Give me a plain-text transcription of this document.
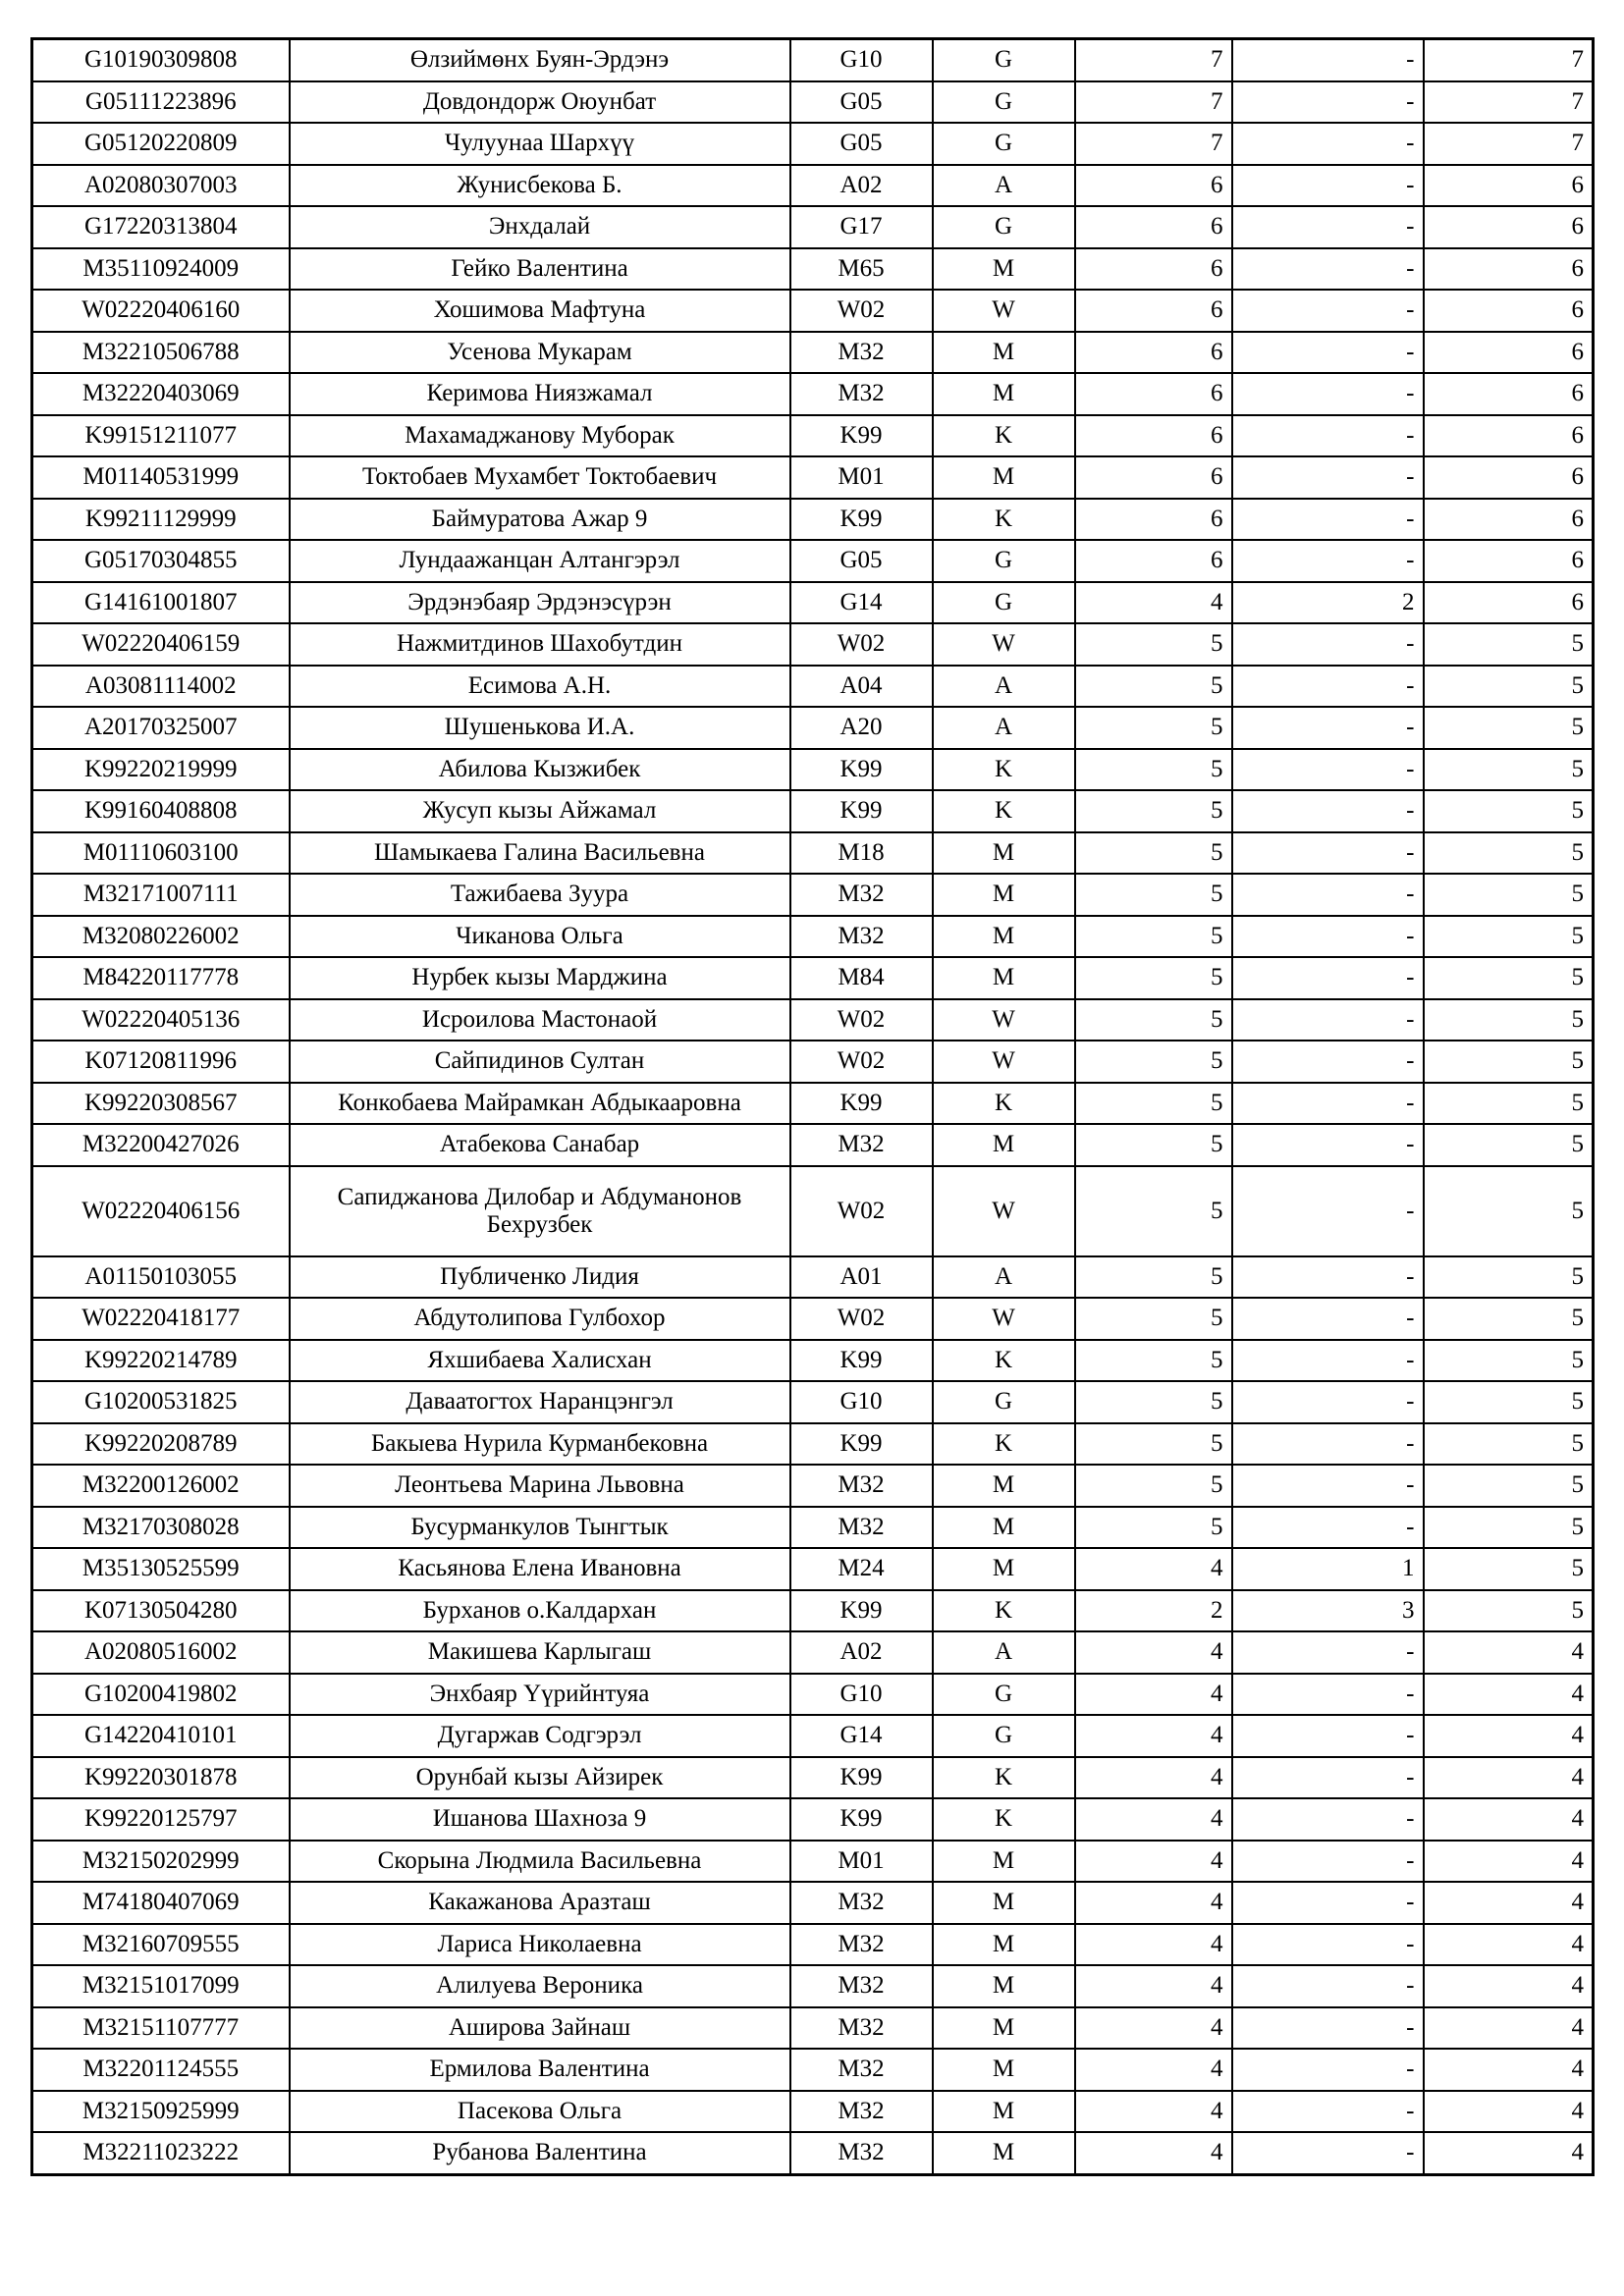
G10190309808	Өлзиймөнх Буян-Эрдэнэ	G10	G	7	-	7
G05111223896	Довдондорж Оюунбат	G05	G	7	-	7
G05120220809	Чулуунаа Шархүү	G05	G	7	-	7
A02080307003	Жунисбекова Б.	A02	A	6	-	6
G17220313804	Энхдалай	G17	G	6	-	6
M35110924009	Гейко Валентина	M65	M	6	-	6
W02220406160	Хошимова Мафтуна	W02	W	6	-	6
M32210506788	Усенова Мукарам	M32	M	6	-	6
M32220403069	Керимова Ниязжамал	M32	M	6	-	6
K99151211077	Махамаджанову Муборак	K99	K	6	-	6
M01140531999	Токтобаев Мухамбет Токтобаевич	M01	M	6	-	6
K99211129999	Баймуратова Ажар 9	K99	K	6	-	6
G05170304855	Лундаажанцан Алтангэрэл	G05	G	6	-	6
G14161001807	Эрдэнэбаяр Эрдэнэсүрэн	G14	G	4	2	6
W02220406159	Нажмитдинов Шахобутдин	W02	W	5	-	5
A03081114002	Есимова А.Н.	A04	A	5	-	5
A20170325007	Шушенькова И.А.	A20	A	5	-	5
K99220219999	Абилова Кызжибек	K99	K	5	-	5
K99160408808	Жусуп кызы Айжамал	K99	K	5	-	5
M01110603100	Шамыкаева Галина Васильевна	M18	M	5	-	5
M32171007111	Тажибаева Зуура	M32	M	5	-	5
M32080226002	Чиканова Ольга	M32	M	5	-	5
M84220117778	Нурбек кызы Марджина	M84	M	5	-	5
W02220405136	Исроилова Мастонаой	W02	W	5	-	5
K07120811996	Сайпидинов Султан	W02	W	5	-	5
K99220308567	Конкобаева Майрамкан Абдыкааровна	K99	K	5	-	5
M32200427026	Атабекова Санабар	M32	M	5	-	5
W02220406156	Сапиджанова Дилобар и Абдуманонов Бехрузбек	W02	W	5	-	5
A01150103055	Публиченко Лидия	A01	A	5	-	5
W02220418177	Абдутолипова Гулбохор	W02	W	5	-	5
K99220214789	Яхшибаева Халисхан	K99	K	5	-	5
G10200531825	Даваатогтох Наранцэнгэл	G10	G	5	-	5
K99220208789	Бакыева Нурила Курманбековна	K99	K	5	-	5
M32200126002	Леонтьева Марина Львовна	M32	M	5	-	5
M32170308028	Бусурманкулов Тынгтык	M32	M	5	-	5
M35130525599	Касьянова Елена Ивановна	M24	M	4	1	5
K07130504280	Бурханов о.Калдархан	K99	K	2	3	5
A02080516002	Макишева Карлыгаш	A02	A	4	-	4
G10200419802	Энхбаяр Үүрийнтуяа	G10	G	4	-	4
G14220410101	Дугаржав Содгэрэл	G14	G	4	-	4
K99220301878	Орунбай кызы Айзирек	K99	K	4	-	4
K99220125797	Ишанова Шахноза 9	K99	K	4	-	4
M32150202999	Скорына Людмила Васильевна	M01	M	4	-	4
M74180407069	Какажанова Аразташ	M32	M	4	-	4
M32160709555	Лариса Николаевна	M32	M	4	-	4
M32151017099	Алилуева Вероника	M32	M	4	-	4
M32151107777	Аширова Зайнаш	M32	M	4	-	4
M32201124555	Ермилова Валентина	M32	M	4	-	4
M32150925999	Пасекова Ольга	M32	M	4	-	4
M32211023222	Рубанова Валентина	M32	M	4	-	4
